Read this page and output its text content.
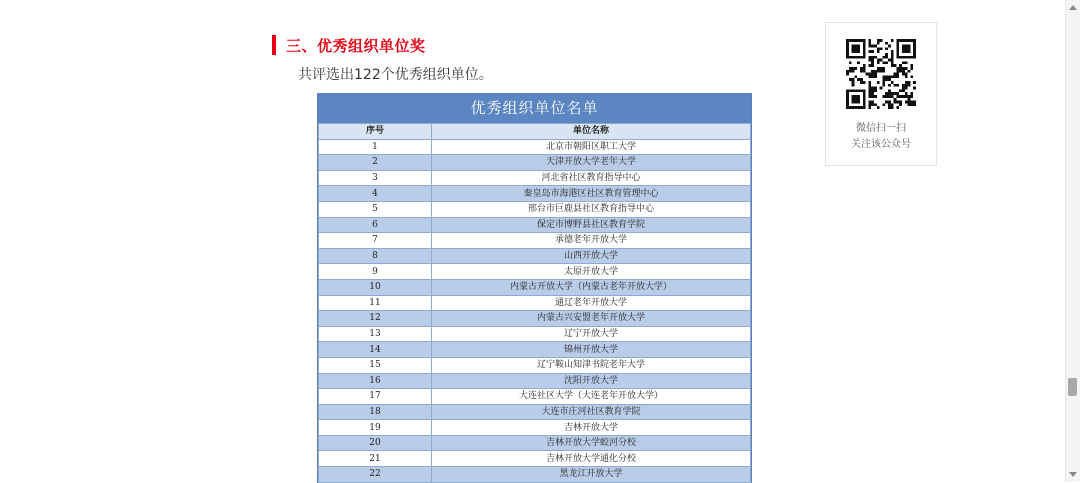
三、优秀组织单位奖
共评选出122个优秀组织单位。
优秀组织单位名单
序号	单位名称
1	北京市朝阳区职工大学
2	天津开放大学老年大学
3	河北省社区教育指导中心
4	秦皇岛市海港区社区教育管理中心
5	邢台市巨鹿县社区教育指导中心
6	保定市博野县社区教育学院
7	承德老年开放大学
8	山西开放大学
9	太原开放大学
10	内蒙古开放大学（内蒙古老年开放大学）
11	通辽老年开放大学
12	内蒙古兴安盟老年开放大学
13	辽宁开放大学
14	锦州开放大学
15	辽宁鞍山知津书院老年大学
16	沈阳开放大学
17	大连社区大学（大连老年开放大学）
18	大连市庄河社区教育学院
19	吉林开放大学
20	吉林开放大学蛟河分校
21	吉林开放大学通化分校
22	黑龙江开放大学
微信扫一扫
关注该公众号
